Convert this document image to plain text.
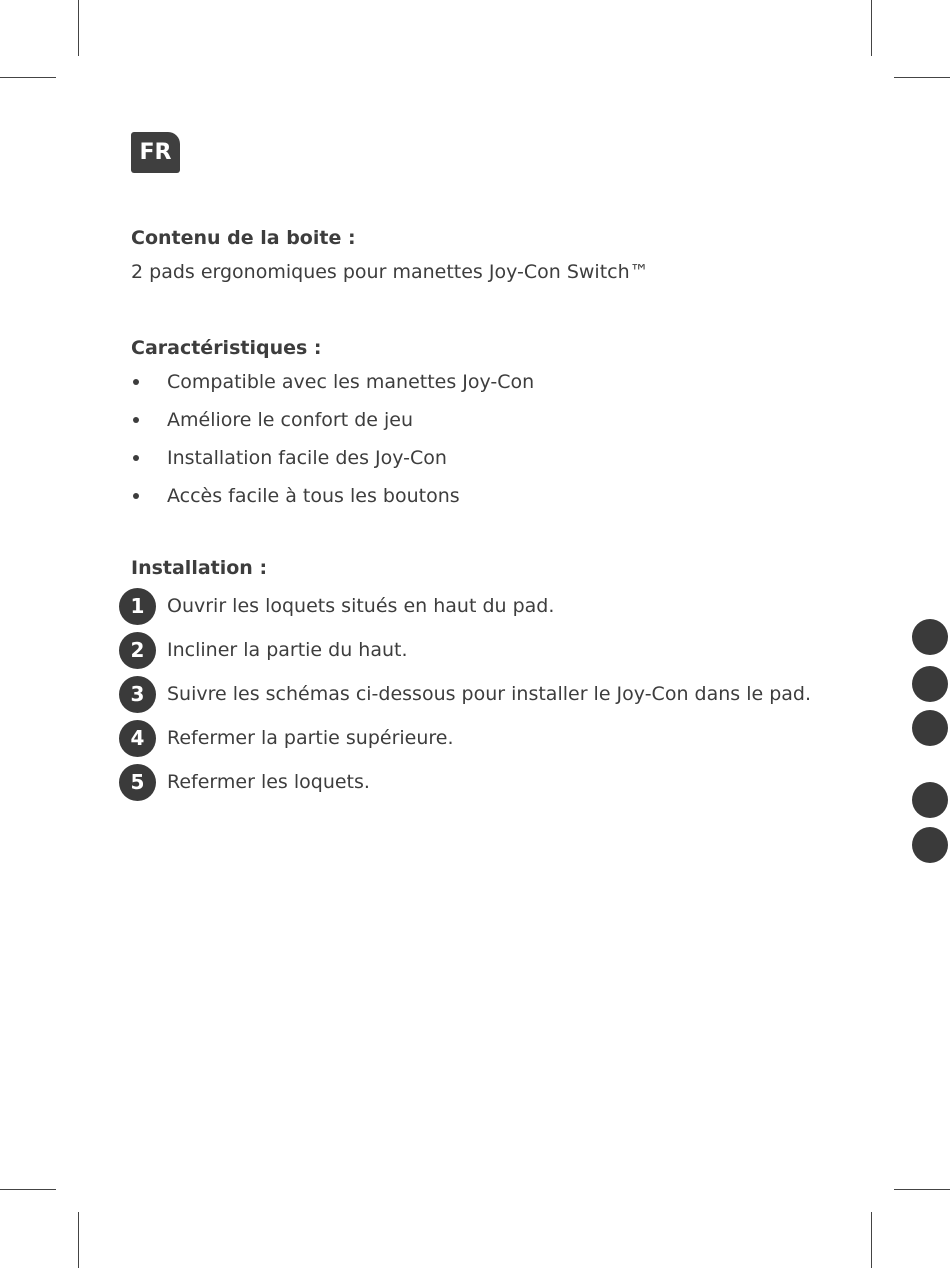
FR
Contenu de la boite :
2 pads ergonomiques pour manettes Joy-Con Switch™
Caractéristiques :
Compatible avec les manettes Joy-Con
Améliore le confort de jeu
Installation facile des Joy-Con
Accès facile à tous les boutons
Installation :
1	Ouvrir les loquets situés en haut du pad.
2	Incliner la partie du haut.
3	Suivre les schémas ci-dessous pour installer le Joy-Con dans le pad.
4	Refermer la partie supérieure.
5	Refermer les loquets.
